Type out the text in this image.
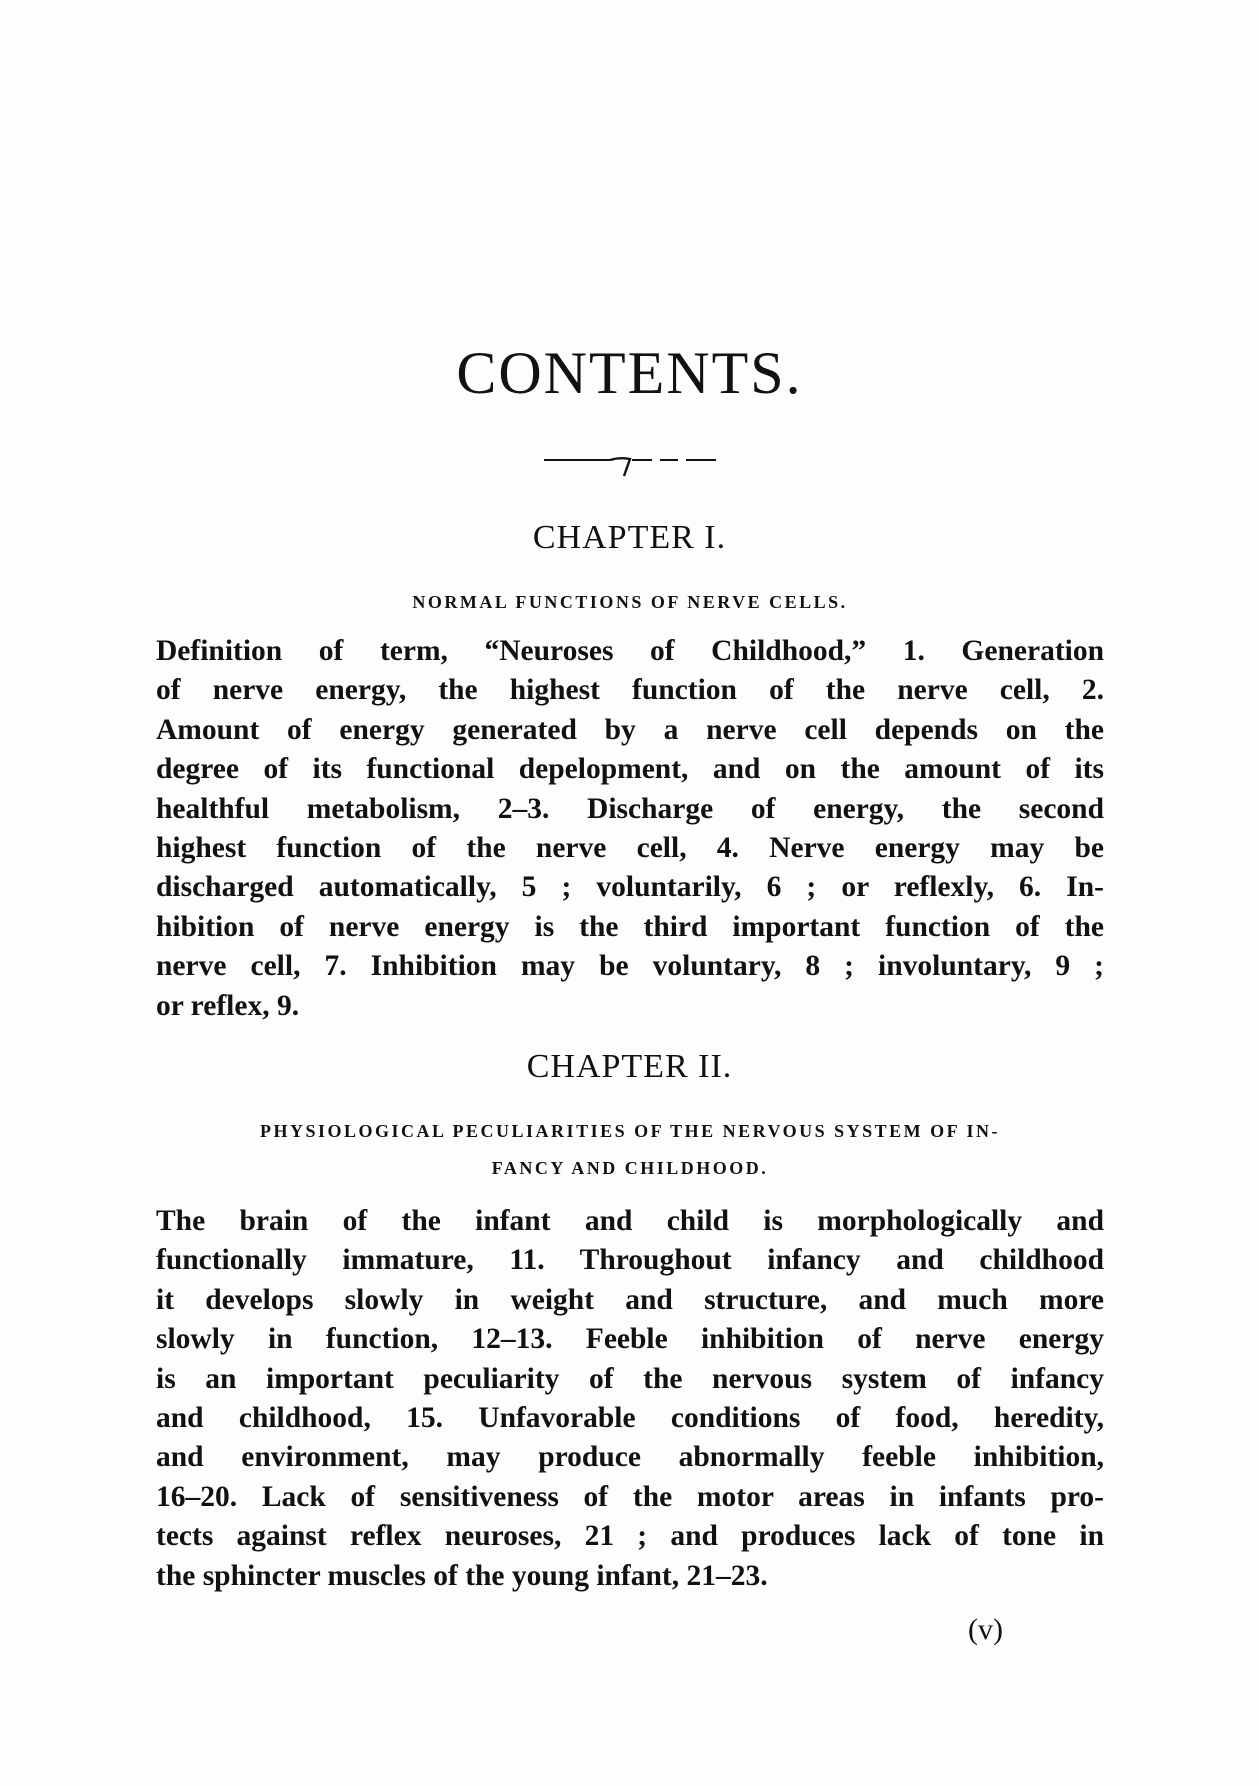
CONTENTS.
CHAPTER I.

NORMAL FUNCTIONS OF NERVE CELLS.

Definition of term, “Neuroses of Childhood,” 1. Generation
of nerve energy, the highest function of the nerve cell, 2.
Amount of energy generated by a nerve cell depends on the
degree of its functional depelopment, and on the amount of its
healthful metabolism, 2–3. Discharge of energy, the second
highest function of the nerve cell, 4. Nerve energy may be
discharged automatically, 5 ; voluntarily, 6 ; or reflexly, 6. In-
hibition of nerve energy is the third important function of the
nerve cell, 7. Inhibition may be voluntary, 8 ; involuntary, 9 ;
or reflex, 9.
CHAPTER II.

PHYSIOLOGICAL PECULIARITIES OF THE NERVOUS SYSTEM OF IN-

FANCY AND CHILDHOOD.

The brain of the infant and child is morphologically and
functionally immature, 11. Throughout infancy and childhood
it develops slowly in weight and structure, and much more
slowly in function, 12–13. Feeble inhibition of nerve energy
is an important peculiarity of the nervous system of infancy
and childhood, 15. Unfavorable conditions of food, heredity,
and environment, may produce abnormally feeble inhibition,
16–20. Lack of sensitiveness of the motor areas in infants pro-
tects against reflex neuroses, 21 ; and produces lack of tone in
the sphincter muscles of the young infant, 21–23.

(v)
